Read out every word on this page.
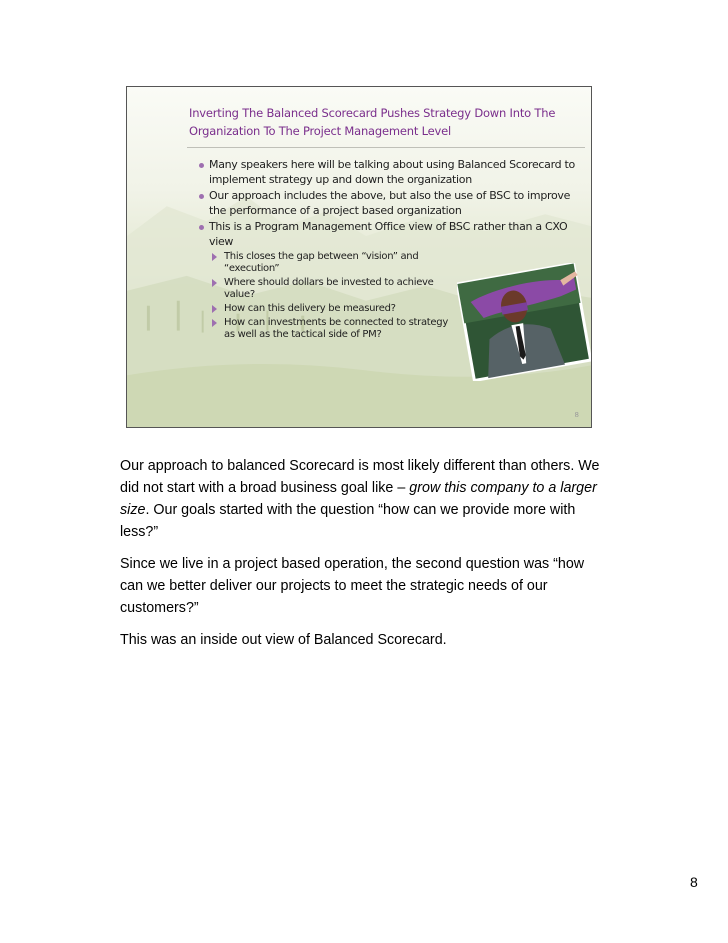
Inverting The Balanced Scorecard Pushes Strategy Down Into The
Organization To The Project Management Level
Many speakers here will be talking about using Balanced Scorecard to implement strategy up and down the organization
Our approach includes the above, but also the use of BSC to improve the performance of a project based organization
This is a Program Management Office view of BSC rather than a CXO view
This closes the gap between “vision” and “execution”
Where should dollars be invested to achieve value?
How can this delivery be measured?
How can investments be connected to strategy as well as the tactical side of PM?
8

Our approach to balanced Scorecard is most likely different than others. We did not start with a broad business goal like – grow this company to a larger size. Our goals started with the question “how can we provide more with less?”

Since we live in a project based operation, the second question was “how can we better deliver our projects to meet the strategic needs of our customers?”

This was an inside out view of Balanced Scorecard.

8
